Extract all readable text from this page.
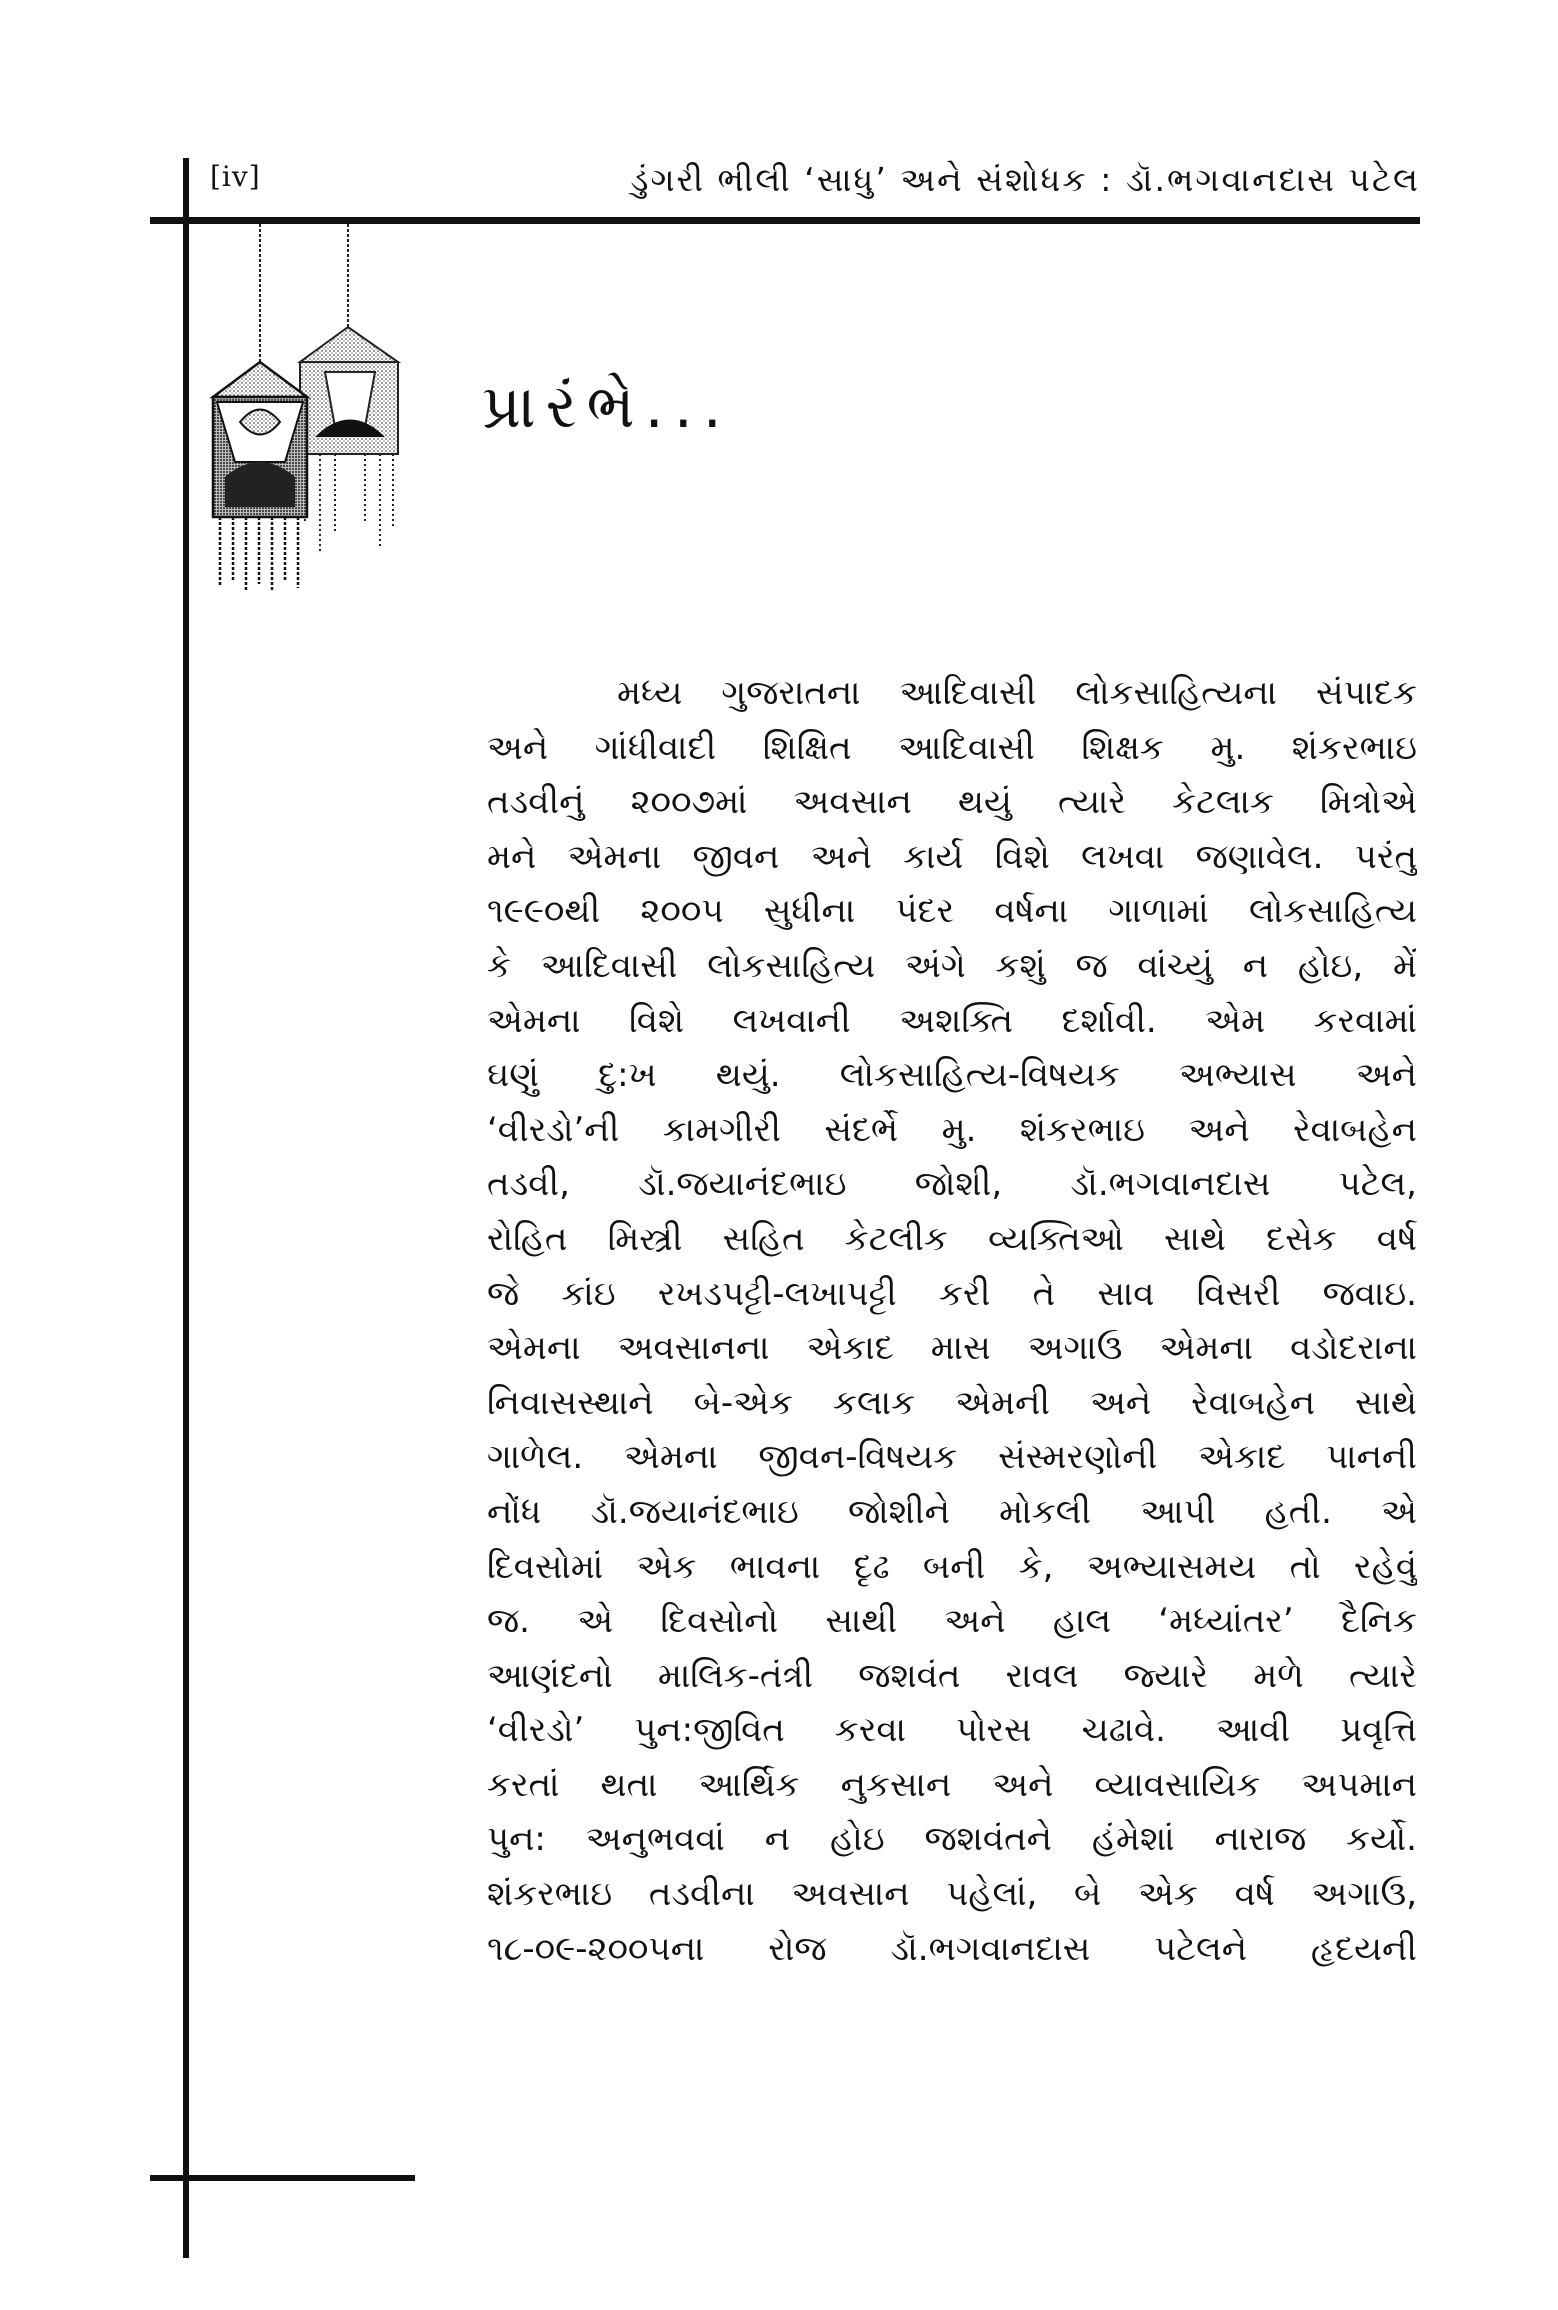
[iv]	ડુંગરી ભીલી ‘સાધુ’ અને સંશોધક : ડૉ.ભગવાનદાસ પટેલ
પ્રારંભે...
મધ્ય ગુજરાતના આદિવાસી લોકસાહિત્યના સંપાદક
અને ગાંધીવાદી શિક્ષિત આદિવાસી શિક્ષક મુ. શંકરભાઇ
તડવીનું ૨૦૦૭માં અવસાન થયું ત્યારે કેટલાક મિત્રોએ
મને એમના જીવન અને કાર્ય વિશે લખવા જણાવેલ. પરંતુ
૧૯૯૦થી ૨૦૦૫ સુધીના પંદર વર્ષના ગાળામાં લોકસાહિત્ય
કે આદિવાસી લોકસાહિત્ય અંગે કશું જ વાંચ્યું ન હોઇ, મેં
એમના વિશે લખવાની અશક્તિ દર્શાવી. એમ કરવામાં
ઘણું દુ:ખ થયું. લોકસાહિત્ય-વિષયક અભ્યાસ અને
‘વીરડો’ની કામગીરી સંદર્ભે મુ. શંકરભાઇ અને રેવાબહેન
તડવી, ડૉ.જયાનંદભાઇ જોશી, ડૉ.ભગવાનદાસ પટેલ,
રોહિત મિસ્ત્રી સહિત કેટલીક વ્યક્તિઓ સાથે દસેક વર્ષ
જે કાંઇ રખડપટ્ટી-લખાપટ્ટી કરી તે સાવ વિસરી જવાઇ.
એમના અવસાનના એકાદ માસ અગાઉ એમના વડોદરાના
નિવાસસ્થાને બે-એક કલાક એમની અને રેવાબહેન સાથે
ગાળેલ. એમના જીવન-વિષયક સંસ્મરણોની એકાદ પાનની
નોંધ ડૉ.જયાનંદભાઇ જોશીને મોકલી આપી હતી. એ
દિવસોમાં એક ભાવના દૃઢ બની કે, અભ્યાસમય તો રહેવું
જ. એ દિવસોનો સાથી અને હાલ ‘મધ્યાંતર’ દૈનિક
આણંદનો માલિક-તંત્રી જશવંત રાવલ જ્યારે મળે ત્યારે
‘વીરડો’ પુન:જીવિત કરવા પોરસ ચઢાવે. આવી પ્રવૃત્તિ
કરતાં થતા આર્થિક નુકસાન અને વ્યાવસાયિક અપમાન
પુન: અનુભવવાં ન હોઇ જશવંતને હંમેશાં નારાજ કર્યો.
શંકરભાઇ તડવીના અવસાન પહેલાં, બે એક વર્ષ અગાઉ,
૧૮-૦૯-૨૦૦૫ના રોજ ડૉ.ભગવાનદાસ પટેલને હૃદયની
